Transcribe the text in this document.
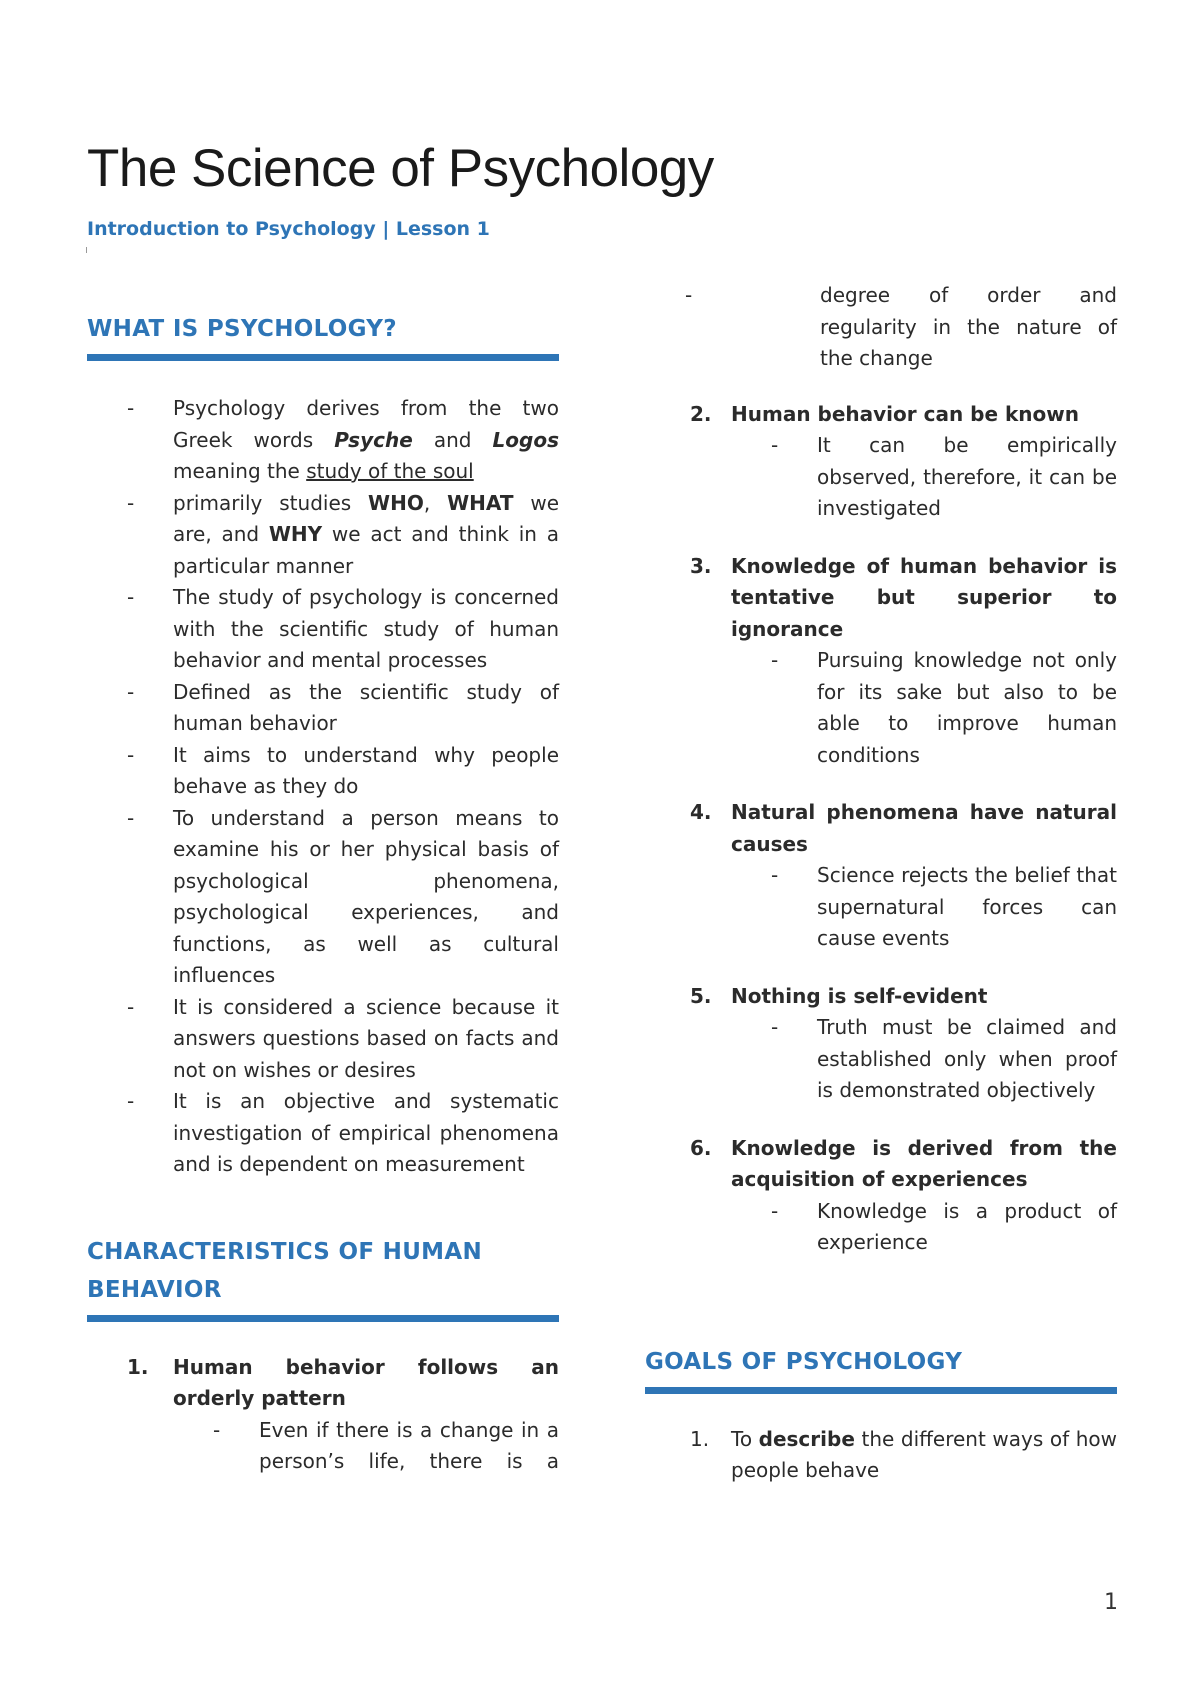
The Science of Psychology
Introduction to Psychology | Lesson 1
WHAT IS PSYCHOLOGY?
- Psychology derives from the two Greek words Psyche and Logos meaning the study of the soul
- primarily studies WHO, WHAT we are, and WHY we act and think in a particular manner
- The study of psychology is concerned with the scientific study of human behavior and mental processes
- Defined as the scientific study of human behavior
- It aims to understand why people behave as they do
- To understand a person means to examine his or her physical basis of psychological phenomena, psychological experiences, and functions, as well as cultural influences
- It is considered a science because it answers questions based on facts and not on wishes or desires
- It is an objective and systematic investigation of empirical phenomena and is dependent on measurement
CHARACTERISTICS OF HUMAN
BEHAVIOR
1. Human behavior follows an orderly pattern
- Even if there is a change in a person’s life, there is a
- degree of order and regularity in the nature of the change
2. Human behavior can be known
- It can be empirically observed, therefore, it can be investigated
3. Knowledge of human behavior is tentative but superior to ignorance
- Pursuing knowledge not only for its sake but also to be able to improve human conditions
4. Natural phenomena have natural causes
- Science rejects the belief that supernatural forces can cause events
5. Nothing is self-evident
- Truth must be claimed and established only when proof is demonstrated objectively
6. Knowledge is derived from the acquisition of experiences
- Knowledge is a product of experience
GOALS OF PSYCHOLOGY
1. To describe the different ways of how people behave
1
